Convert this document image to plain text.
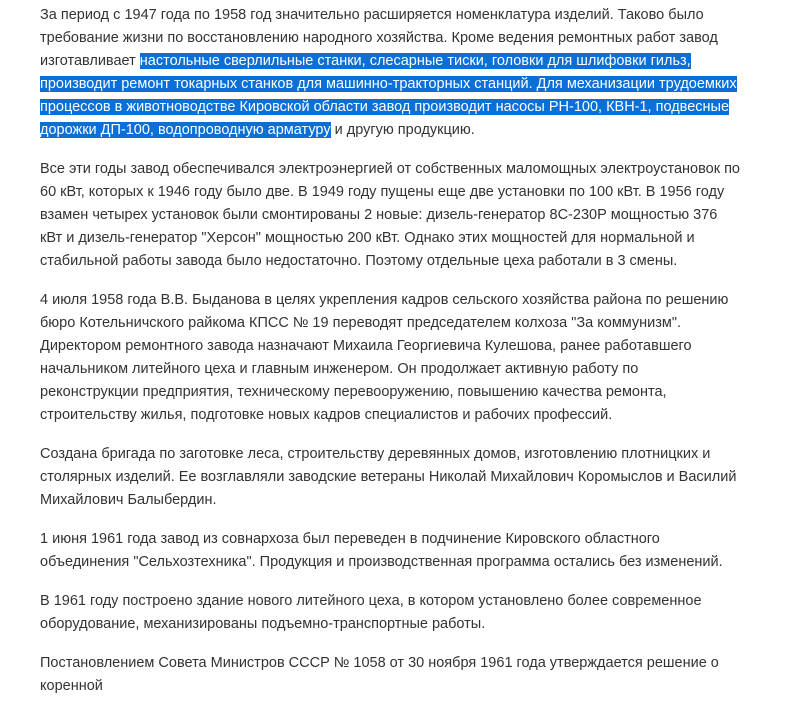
За период с 1947 года по 1958 год значительно расширяется номенклатура изделий. Таково было требование жизни по восстановлению народного хозяйства. Кроме ведения ремонтных работ завод изготавливает настольные сверлильные станки, слесарные тиски, головки для шлифовки гильз, производит ремонт токарных станков для машинно-тракторных станций. Для механизации трудоемких процессов в животноводстве Кировской области завод производит насосы РН-100, КВН-1, подвесные дорожки ДП-100, водопроводную арматуру и другую продукцию.

Все эти годы завод обеспечивался электроэнергией от собственных маломощных электроустановок по 60 кВт, которых к 1946 году было две. В 1949 году пущены еще две установки по 100 кВт. В 1956 году взамен четырех установок были смонтированы 2 новые: дизель-генератор 8С-230Р мощностью 376 кВт и дизель-генератор "Херсон" мощностью 200 кВт. Однако этих мощностей для нормальной и стабильной работы завода было недостаточно. Поэтому отдельные цеха работали в 3 смены.

4 июля 1958 года В.В. Быданова в целях укрепления кадров сельского хозяйства района по решению бюро Котельничского райкома КПСС № 19 переводят председателем колхоза "За коммунизм". Директором ремонтного завода назначают Михаила Георгиевича Кулешова, ранее работавшего начальником литейного цеха и главным инженером. Он продолжает активную работу по реконструкции предприятия, техническому перевооружению, повышению качества ремонта, строительству жилья, подготовке новых кадров специалистов и рабочих профессий.

Создана бригада по заготовке леса, строительству деревянных домов, изготовлению плотницких и столярных изделий. Ее возглавляли заводские ветераны Николай Михайлович Коромыслов и Василий Михайлович Балыбердин.

1 июня 1961 года завод из совнархоза был переведен в подчинение Кировского областного объединения "Сельхозтехника". Продукция и производственная программа остались без изменений.

В 1961 году построено здание нового литейного цеха, в котором установлено более современное оборудование, механизированы подъемно-транспортные работы.

Постановлением Совета Министров СССР № 1058 от 30 ноября 1961 года утверждается решение о коренной
